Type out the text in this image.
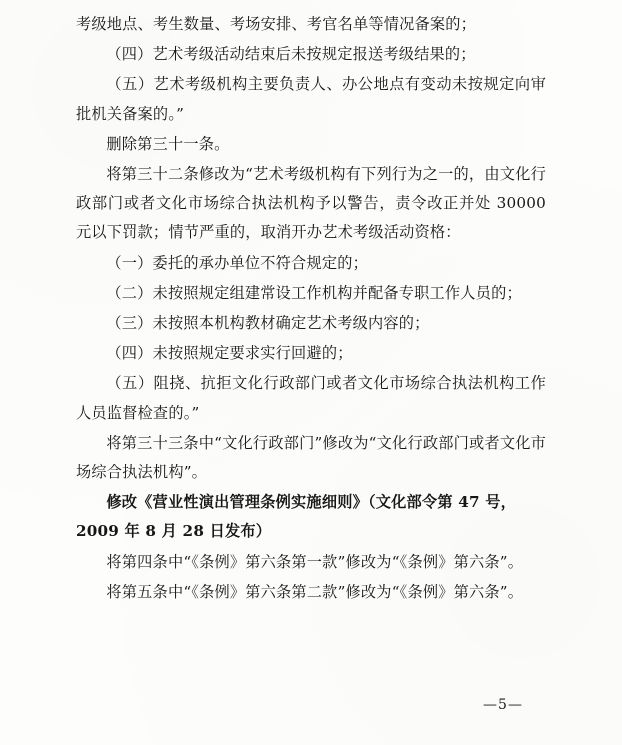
考级地点、考生数量、考场安排、考官名单等情况备案的；

（四）艺术考级活动结束后未按规定报送考级结果的；

（五）艺术考级机构主要负责人、办公地点有变动未按规定向审批机关备案的。”

删除第三十一条。

将第三十二条修改为“艺术考级机构有下列行为之一的，由文化行政部门或者文化市场综合执法机构予以警告，责令改正并处 30000 元以下罚款；情节严重的，取消开办艺术考级活动资格：

（一）委托的承办单位不符合规定的；

（二）未按照规定组建常设工作机构并配备专职工作人员的；

（三）未按照本机构教材确定艺术考级内容的；

（四）未按照规定要求实行回避的；

（五）阻挠、抗拒文化行政部门或者文化市场综合执法机构工作人员监督检查的。”

将第三十三条中“文化行政部门”修改为“文化行政部门或者文化市场综合执法机构”。

修改《营业性演出管理条例实施细则》（文化部令第 47 号，
2009 年 8 月 28 日发布）

将第四条中“《条例》第六条第一款”修改为“《条例》第六条”。

将第五条中“《条例》第六条第二款”修改为“《条例》第六条”。

—5—
